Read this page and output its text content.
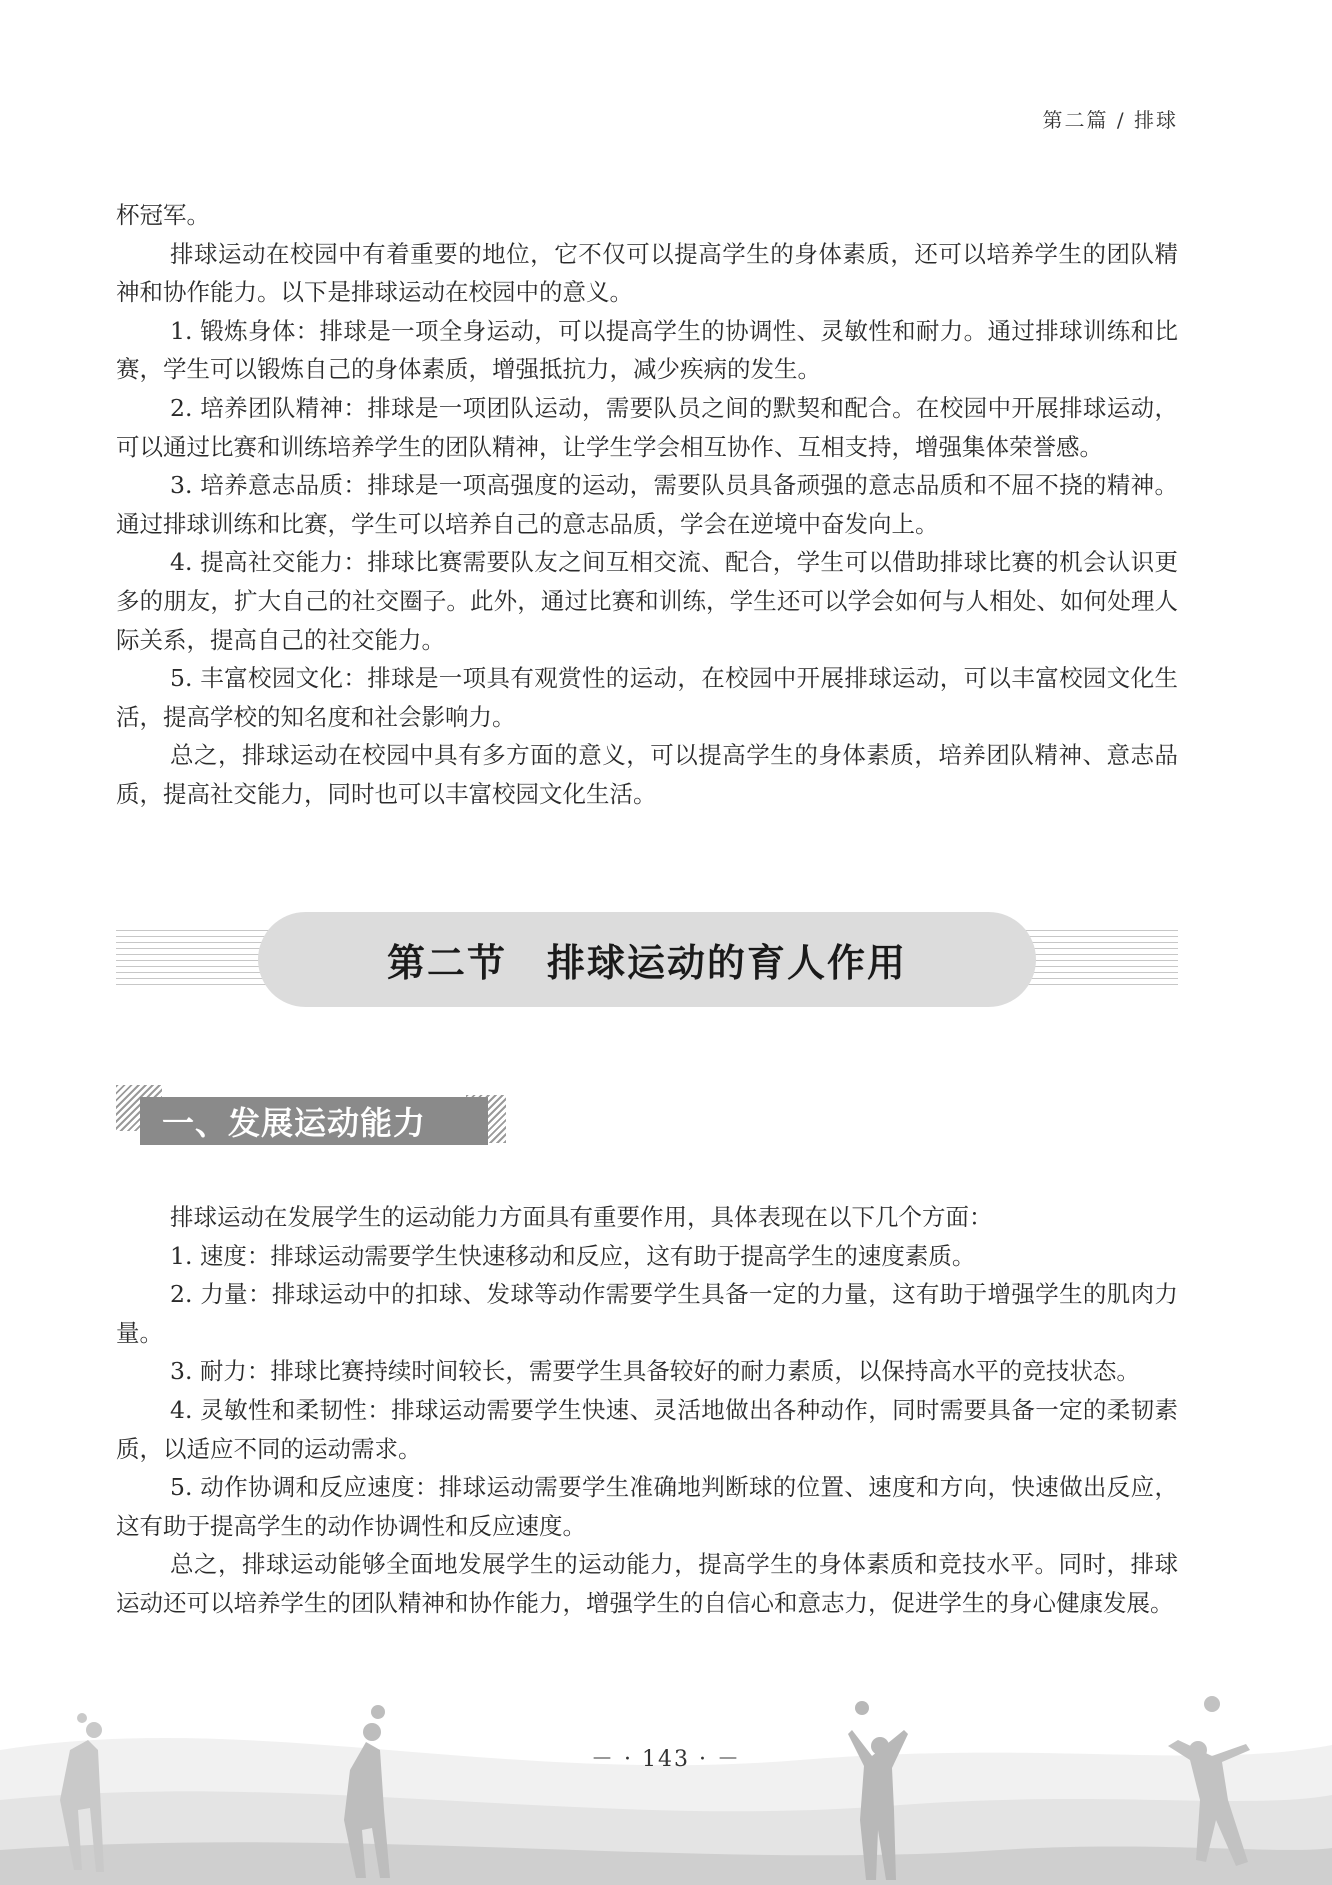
第二篇 / 排球

杯冠军。

排球运动在校园中有着重要的地位，它不仅可以提高学生的身体素质，还可以培养学生的团队精神和协作能力。以下是排球运动在校园中的意义。

1. 锻炼身体：排球是一项全身运动，可以提高学生的协调性、灵敏性和耐力。通过排球训练和比赛，学生可以锻炼自己的身体素质，增强抵抗力，减少疾病的发生。

2. 培养团队精神：排球是一项团队运动，需要队员之间的默契和配合。在校园中开展排球运动，可以通过比赛和训练培养学生的团队精神，让学生学会相互协作、互相支持，增强集体荣誉感。

3. 培养意志品质：排球是一项高强度的运动，需要队员具备顽强的意志品质和不屈不挠的精神。通过排球训练和比赛，学生可以培养自己的意志品质，学会在逆境中奋发向上。

4. 提高社交能力：排球比赛需要队友之间互相交流、配合，学生可以借助排球比赛的机会认识更多的朋友，扩大自己的社交圈子。此外，通过比赛和训练，学生还可以学会如何与人相处、如何处理人际关系，提高自己的社交能力。

5. 丰富校园文化：排球是一项具有观赏性的运动，在校园中开展排球运动，可以丰富校园文化生活，提高学校的知名度和社会影响力。

总之，排球运动在校园中具有多方面的意义，可以提高学生的身体素质，培养团队精神、意志品质，提高社交能力，同时也可以丰富校园文化生活。

第二节　排球运动的育人作用
一、发展运动能力

排球运动在发展学生的运动能力方面具有重要作用，具体表现在以下几个方面：

1. 速度：排球运动需要学生快速移动和反应，这有助于提高学生的速度素质。

2. 力量：排球运动中的扣球、发球等动作需要学生具备一定的力量，这有助于增强学生的肌肉力量。

3. 耐力：排球比赛持续时间较长，需要学生具备较好的耐力素质，以保持高水平的竞技状态。

4. 灵敏性和柔韧性：排球运动需要学生快速、灵活地做出各种动作，同时需要具备一定的柔韧素质，以适应不同的运动需求。

5. 动作协调和反应速度：排球运动需要学生准确地判断球的位置、速度和方向，快速做出反应，这有助于提高学生的动作协调性和反应速度。

总之，排球运动能够全面地发展学生的运动能力，提高学生的身体素质和竞技水平。同时，排球运动还可以培养学生的团队精神和协作能力，增强学生的自信心和意志力，促进学生的身心健康发展。

－ · 143 · －
